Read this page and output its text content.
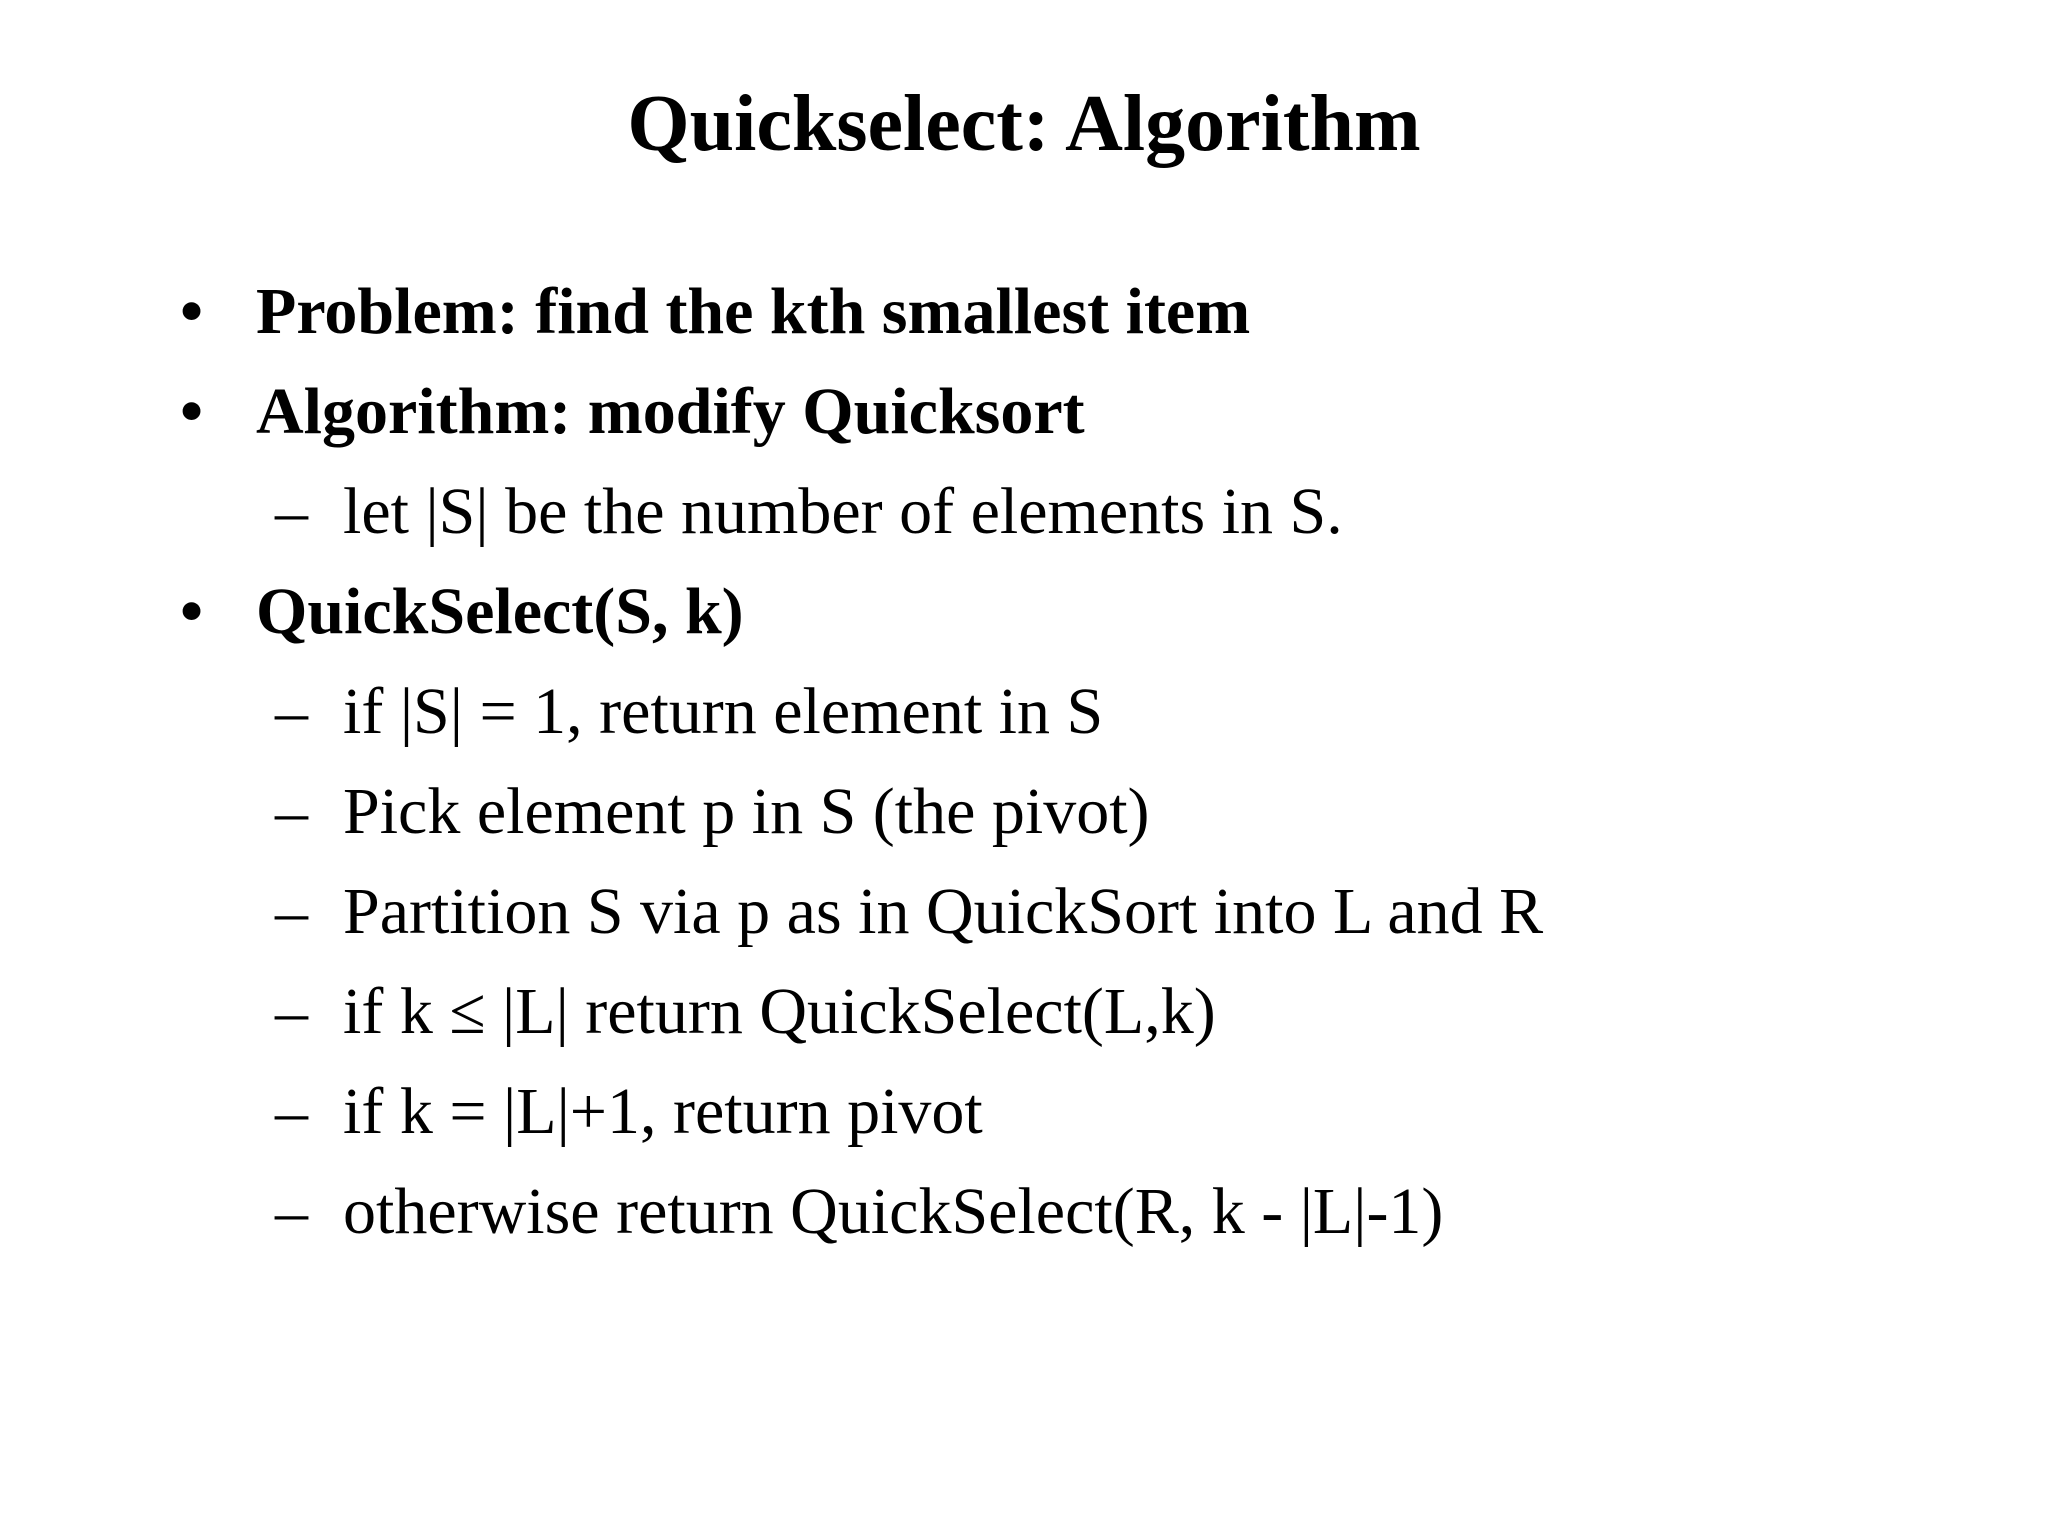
Quickselect: Algorithm
• Problem: find the kth smallest item
• Algorithm: modify Quicksort
– let |S| be the number of elements in S.
• QuickSelect(S, k)
– if |S| = 1, return element in S
– Pick element p in S (the pivot)
– Partition S via p as in QuickSort into L and R
– if k ≤ |L| return QuickSelect(L,k)
– if k = |L|+1, return pivot
– otherwise return QuickSelect(R, k - |L|-1)
